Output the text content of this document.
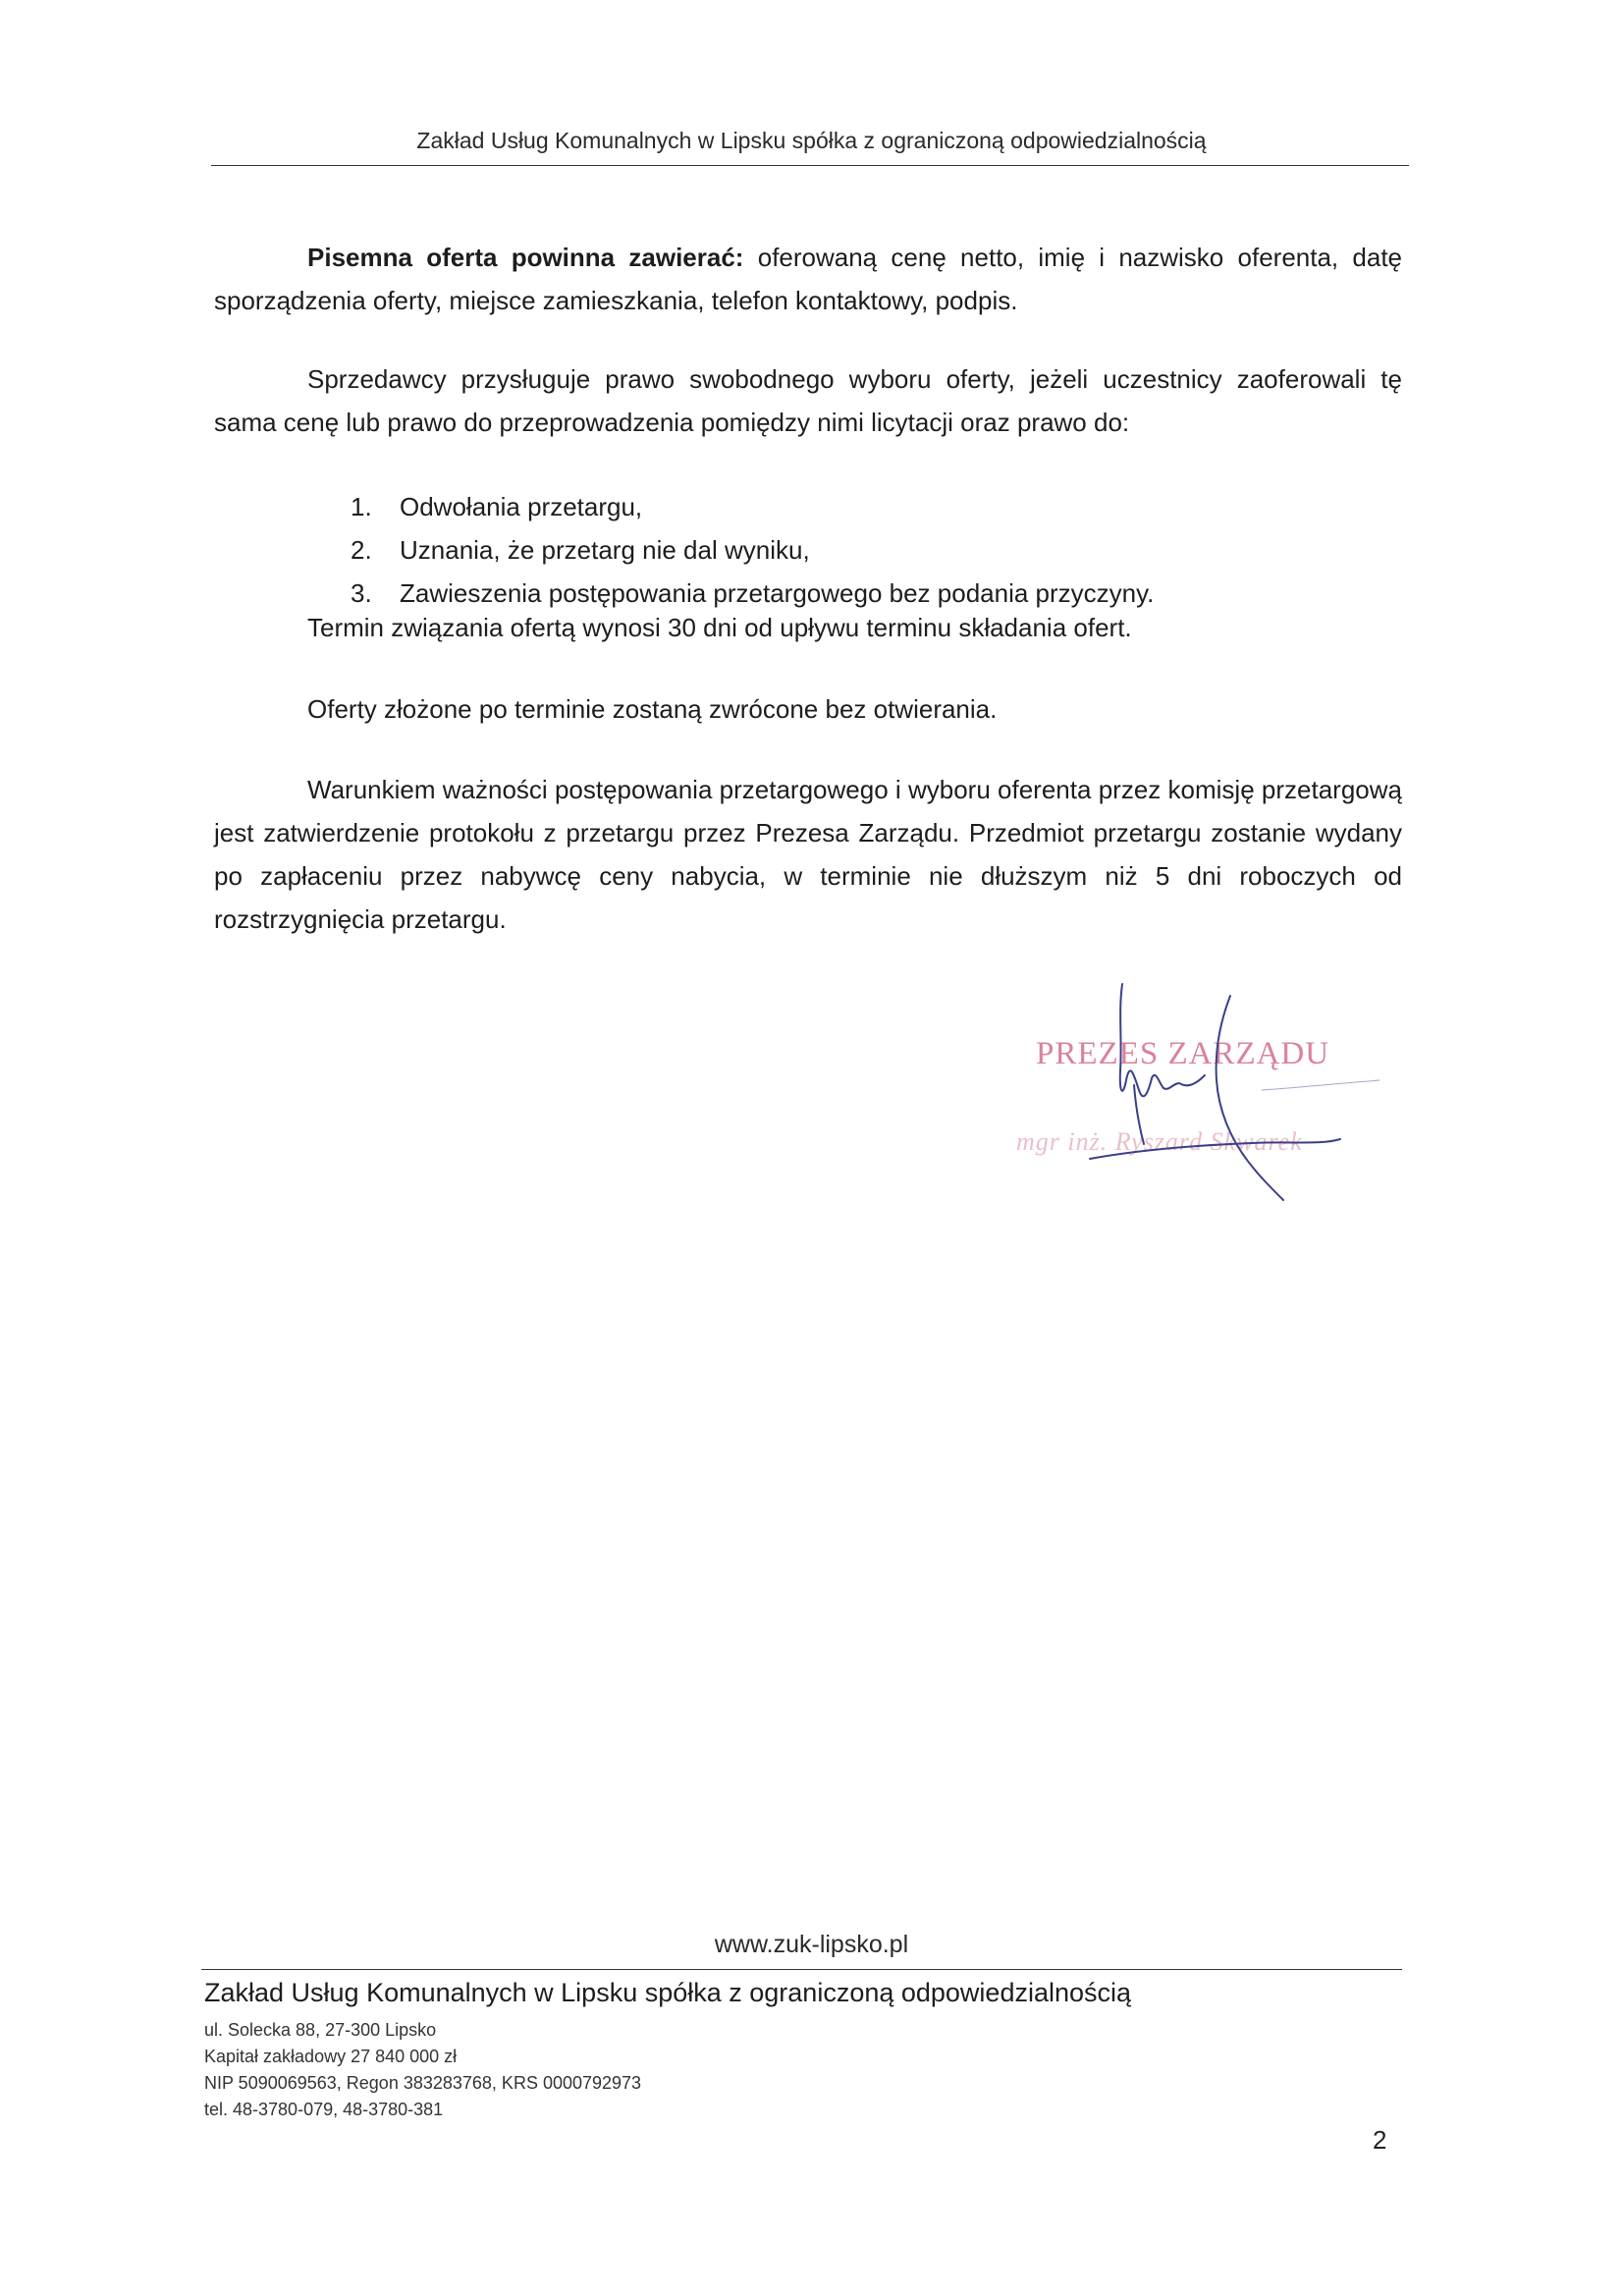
Zakład Usług Komunalnych w Lipsku spółka z ograniczoną odpowiedzialnością

Pisemna oferta powinna zawierać: oferowaną cenę netto, imię i nazwisko oferenta, datę sporządzenia oferty, miejsce zamieszkania, telefon kontaktowy, podpis.

Sprzedawcy przysługuje prawo swobodnego wyboru oferty, jeżeli uczestnicy zaoferowali tę sama cenę lub prawo do przeprowadzenia pomiędzy nimi licytacji oraz prawo do:

1.	Odwołania przetargu,
2.	Uznania, że przetarg nie dal wyniku,
3.	Zawieszenia postępowania przetargowego bez podania przyczyny.

Termin związania ofertą wynosi 30 dni od upływu terminu składania ofert.

Oferty złożone po terminie zostaną zwrócone bez otwierania.

Warunkiem ważności postępowania przetargowego i wyboru oferenta przez komisję przetargową jest zatwierdzenie protokołu z przetargu przez Prezesa Zarządu. Przedmiot przetargu zostanie wydany po zapłaceniu przez nabywcę ceny nabycia, w terminie nie dłuższym niż 5 dni roboczych od rozstrzygnięcia przetargu.

PREZES ZARZĄDU
mgr inż. Ryszard Skwarek
www.zuk-lipsko.pl
Zakład Usług Komunalnych w Lipsku spółka z ograniczoną odpowiedzialnością
ul. Solecka 88, 27-300 Lipsko
Kapitał zakładowy 27 840 000 zł
NIP 5090069563, Regon 383283768, KRS 0000792973
tel. 48-3780-079, 48-3780-381
2
